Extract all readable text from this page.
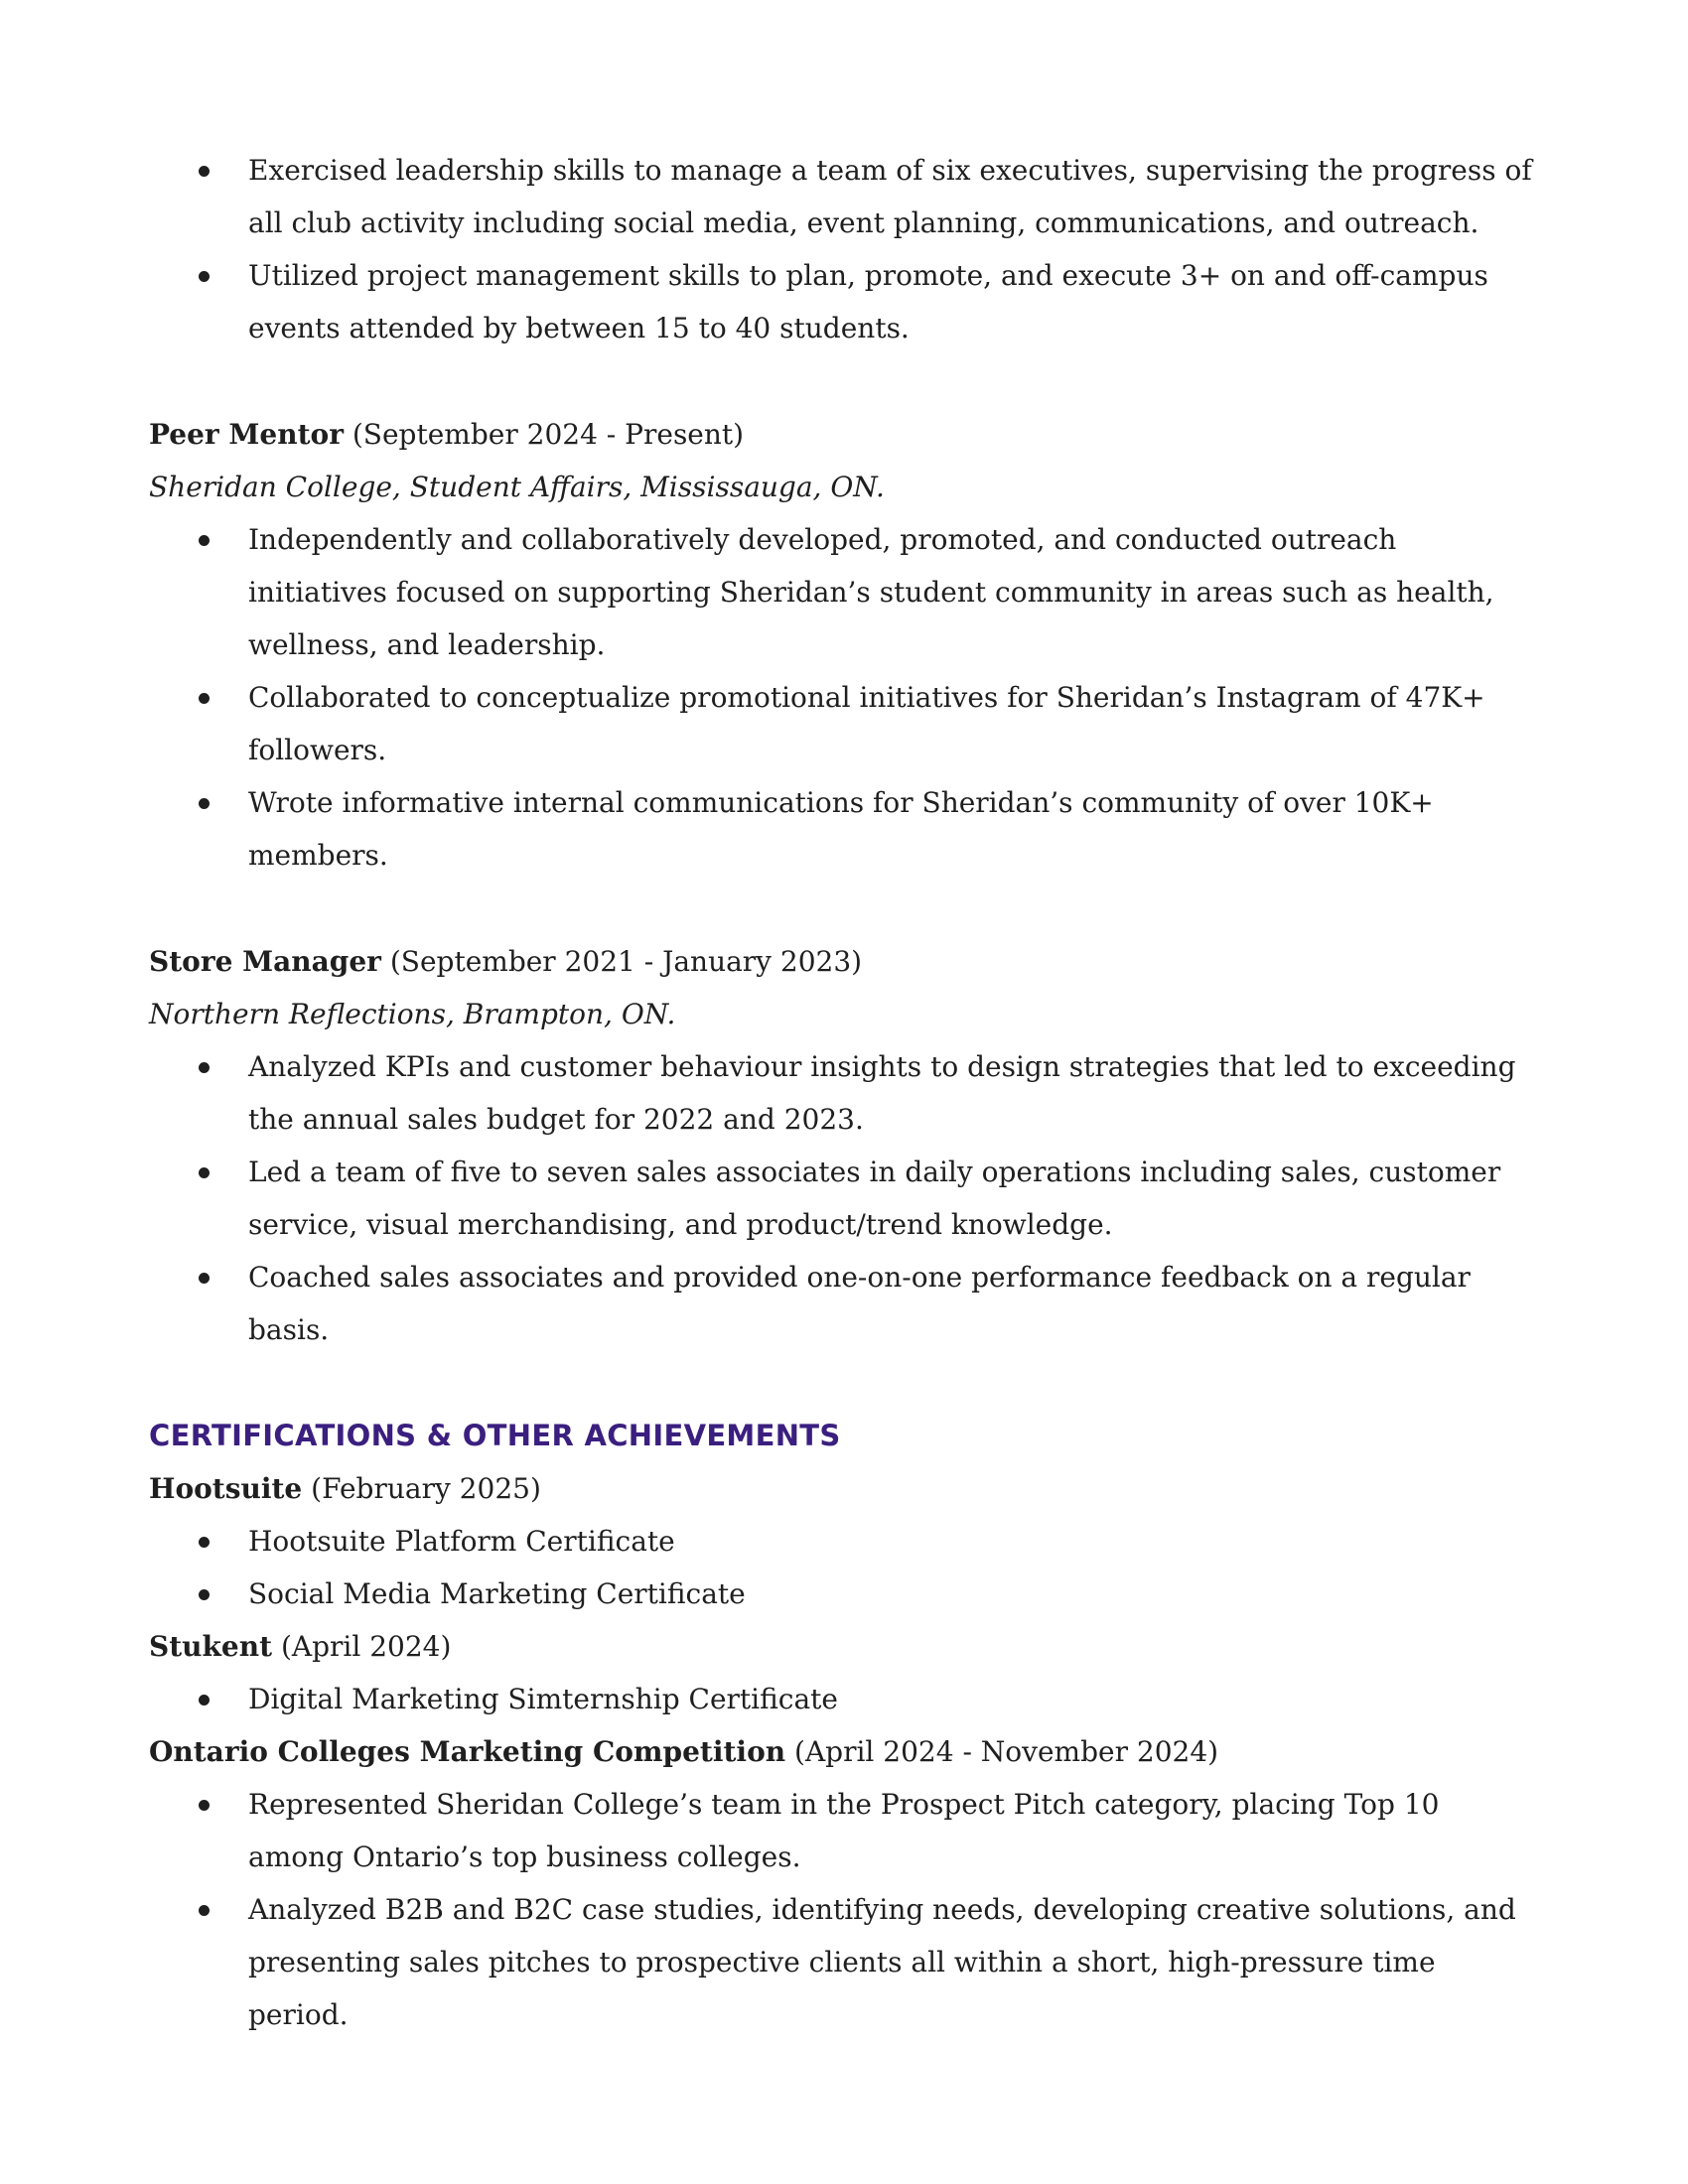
Exercised leadership skills to manage a team of six executives, supervising the progress of all club activity including social media, event planning, communications, and outreach.
Utilized project management skills to plan, promote, and execute 3+ on and off-campus events attended by between 15 to 40 students.

Peer Mentor (September 2024 - Present)

Sheridan College, Student Affairs, Mississauga, ON.

Independently and collaboratively developed, promoted, and conducted outreach initiatives focused on supporting Sheridan’s student community in areas such as health, wellness, and leadership.
Collaborated to conceptualize promotional initiatives for Sheridan’s Instagram of 47K+ followers.
Wrote informative internal communications for Sheridan’s community of over 10K+ members.

Store Manager (September 2021 - January 2023)

Northern Reflections, Brampton, ON.

Analyzed KPIs and customer behaviour insights to design strategies that led to exceeding the annual sales budget for 2022 and 2023.
Led a team of five to seven sales associates in daily operations including sales, customer service, visual merchandising, and product/trend knowledge.
Coached sales associates and provided one-on-one performance feedback on a regular basis.
CERTIFICATIONS & OTHER ACHIEVEMENTS

Hootsuite (February 2025)

Hootsuite Platform Certificate
Social Media Marketing Certificate

Stukent (April 2024)

Digital Marketing Simternship Certificate

Ontario Colleges Marketing Competition (April 2024 - November 2024)

Represented Sheridan College’s team in the Prospect Pitch category, placing Top 10 among Ontario’s top business colleges.
Analyzed B2B and B2C case studies, identifying needs, developing creative solutions, and presenting sales pitches to prospective clients all within a short, high-pressure time period.
